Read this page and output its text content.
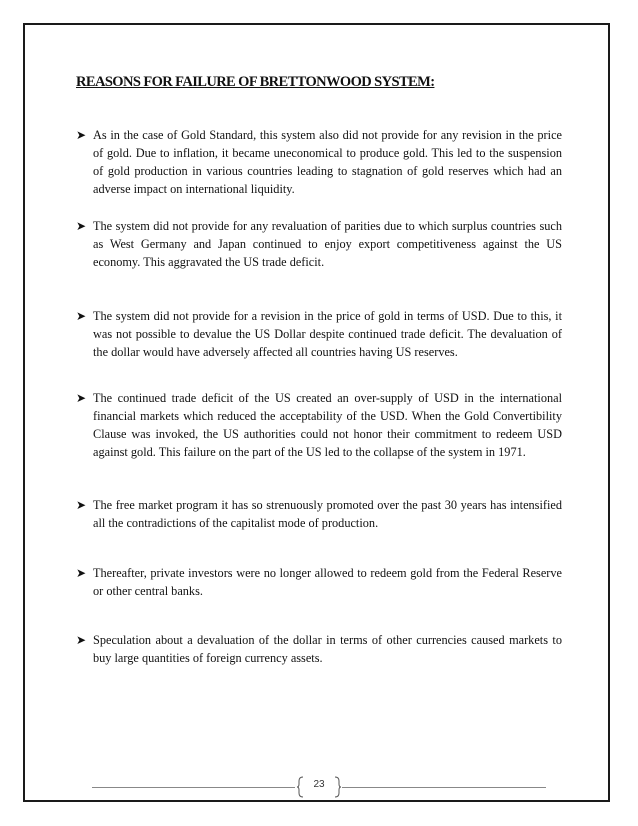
REASONS FOR FAILURE OF BRETTONWOOD SYSTEM:
➤ As in the case of Gold Standard, this system also did not provide for any revision in the price of gold. Due to inflation, it became uneconomical to produce gold. This led to the suspension of gold production in various countries leading to stagnation of gold reserves which had an adverse impact on international liquidity.
➤ The system did not provide for any revaluation of parities due to which surplus countries such as West Germany and Japan continued to enjoy export competitiveness against the US economy. This aggravated the US trade deficit.
➤ The system did not provide for a revision in the price of gold in terms of USD. Due to this, it was not possible to devalue the US Dollar despite continued trade deficit. The devaluation of the dollar would have adversely affected all countries having US reserves.
➤ The continued trade deficit of the US created an over-supply of USD in the international financial markets which reduced the acceptability of the USD. When the Gold Convertibility Clause was invoked, the US authorities could not honor their commitment to redeem USD against gold. This failure on the part of the US led to the collapse of the system in 1971.
➤ The free market program it has so strenuously promoted over the past 30 years has intensified all the contradictions of the capitalist mode of production.
➤ Thereafter, private investors were no longer allowed to redeem gold from the Federal Reserve or other central banks.
➤ Speculation about a devaluation of the dollar in terms of other currencies caused markets to buy large quantities of foreign currency assets.
23
